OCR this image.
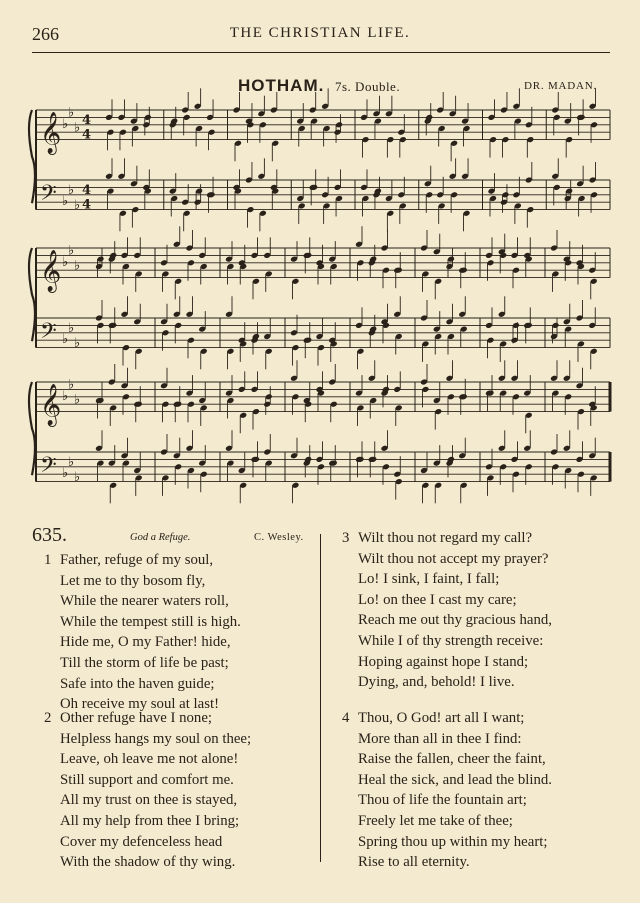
266	THE CHRISTIAN LIFE.
HOTHAM. 7s. Double.	DR. MADAN.
𝄞 ♭
♭
♭
4
4
𝄢 ♭
♭
♭
4
4
𝄞 ♭
♭
♭
𝄢 ♭
♭
♭
𝄞 ♭
♭
♭
𝄢 ♭
♭
♭
635.	God a Refuge.	C. Wesley.
1 Father, refuge of my soul,
Let me to thy bosom fly,
While the nearer waters roll,
While the tempest still is high.
Hide me, O my Father! hide,
Till the storm of life be past;
Safe into the haven guide;
Oh receive my soul at last!
2 Other refuge have I none;
Helpless hangs my soul on thee;
Leave, oh leave me not alone!
Still support and comfort me.
All my trust on thee is stayed,
All my help from thee I bring;
Cover my defenceless head
With the shadow of thy wing.
3 Wilt thou not regard my call?
Wilt thou not accept my prayer?
Lo! I sink, I faint, I fall;
Lo! on thee I cast my care;
Reach me out thy gracious hand,
While I of thy strength receive:
Hoping against hope I stand;
Dying, and, behold! I live.
4 Thou, O God! art all I want;
More than all in thee I find:
Raise the fallen, cheer the faint,
Heal the sick, and lead the blind.
Thou of life the fountain art;
Freely let me take of thee;
Spring thou up within my heart;
Rise to all eternity.
